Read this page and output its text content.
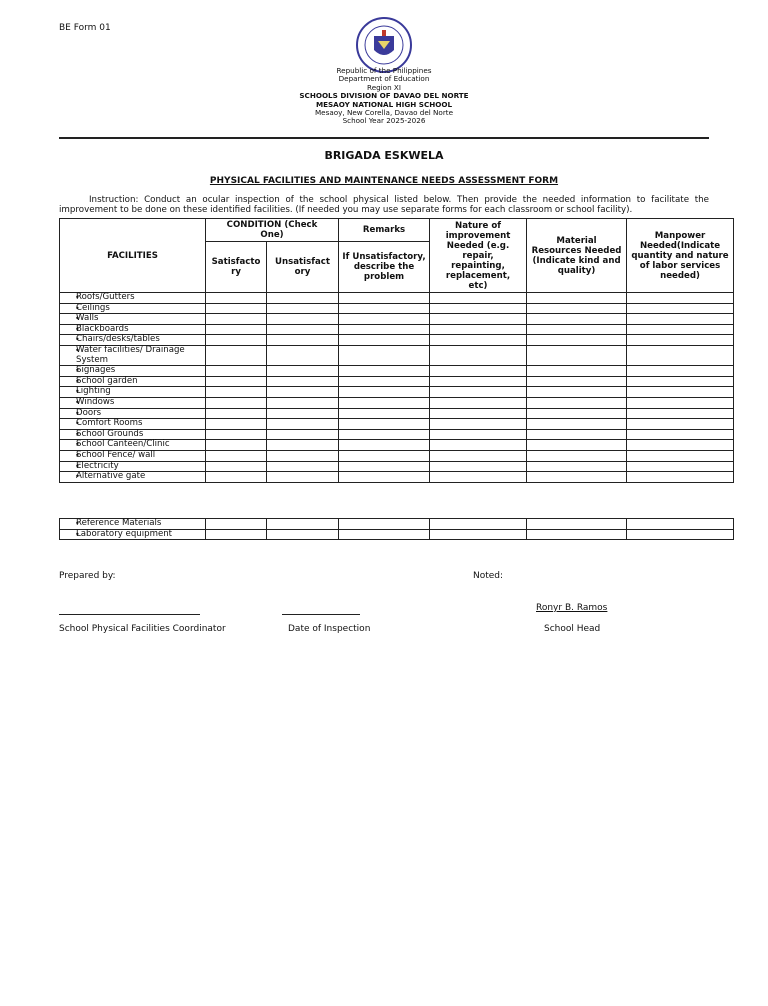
BE Form 01
Republic of the Philippines
Department of Education
Region XI
SCHOOLS DIVISION OF DAVAO DEL NORTE
MESAOY NATIONAL HIGH SCHOOL
Mesaoy, New Corella, Davao del Norte
School Year 2025-2026
BRIGADA ESKWELA
PHYSICAL FACILITIES AND MAINTENANCE NEEDS ASSESSMENT FORM
Instruction: Conduct an ocular inspection of the school physical listed below. Then provide the needed information to facilitate the improvement to be done on these identified facilities. (If needed you may use separate forms for each classroom or school facility).
FACILITIES	CONDITION (Check One)		Remarks	Nature of improvement Needed (e.g. repair, repainting, replacement, etc)	Material Resources Needed (Indicate kind and quality)	Manpower Needed(Indicate quantity and nature of labor services needed)
	Satisfacto ry	Unsatisfact ory	If Unsatisfactory, describe the problem			

• Roofs/Gutters

• Ceilings

• Walls

• Blackboards

• Chairs/desks/tables

• Water facilities/ Drainage System

• Signages

• School garden

• Lighting

• Windows

• Doors

• Comfort Rooms

• School Grounds

• School Canteen/Clinic

• School Fence/ wall

• Electricity

• Alternative gate

• Reference Materials

• Laboratory equipment

Prepared by:	Noted:
Ronyr B. Ramos
School Physical Facilities Coordinator	Date of Inspection	School Head
